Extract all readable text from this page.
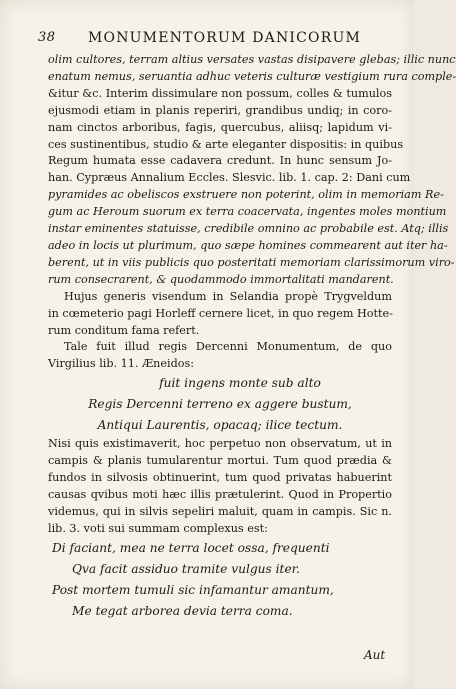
38 MONUMENTORUM DANICORUM
olim cultores, terram altius versates vastas disipavere glebas; illic nunc
enatum nemus, seruantia adhuc veteris culturæ vestigium rura comple-
&itur &c. Interim dissimulare non possum, colles & tumulos
ejusmodi etiam in planis reperiri, grandibus undiq; in coro-
nam cinctos arboribus, fagis, quercubus, aliisq; lapidum vi-
ces sustinentibus, studio & arte eleganter dispositis: in quibus
Regum humata esse cadavera credunt. In hunc sensum Jo-
han. Cypræus Annalium Eccles. Slesvic. lib. 1. cap. 2: Dani cum
pyramides ac obeliscos exstruere non poterint, olim in memoriam Re-
gum ac Heroum suorum ex terra coacervata, ingentes moles montium
instar eminentes statuisse, credibile omnino ac probabile est. Atq; illis
adeo in locis ut plurimum, quo sæpe homines commearent aut iter ha-
berent, ut in viis publicis quo posteritati memoriam clarissimorum viro-
rum consecrarent, & quodammodo immortalitati mandarent.
Hujus generis visendum in Selandia propè Trygveldum
in cœmeterio pagi Horleff cernere licet, in quo regem Hotte-
rum conditum fama refert.
Tale fuit illud regis Dercenni Monumentum, de quo
Virgilius lib. 11. Æneidos:
fuit ingens monte sub alto
Regis Dercenni terreno ex aggere bustum,
Antiqui Laurentis, opacaq; ilice tectum.
Nisi quis existimaverit, hoc perpetuo non observatum, ut in
campis & planis tumularentur mortui. Tum quod prædia &
fundos in silvosis obtinuerint, tum quod privatas habuerint
causas qvibus moti hæc illis prætulerint. Quod in Propertio
videmus, qui in silvis sepeliri maluit, quam in campis. Sic n.
lib. 3. voti sui summam complexus est:
Di faciant, mea ne terra locet ossa, frequenti
Qva facit assiduo tramite vulgus iter.
Post mortem tumuli sic infamantur amantum,
Me tegat arborea devia terra coma.
Aut
